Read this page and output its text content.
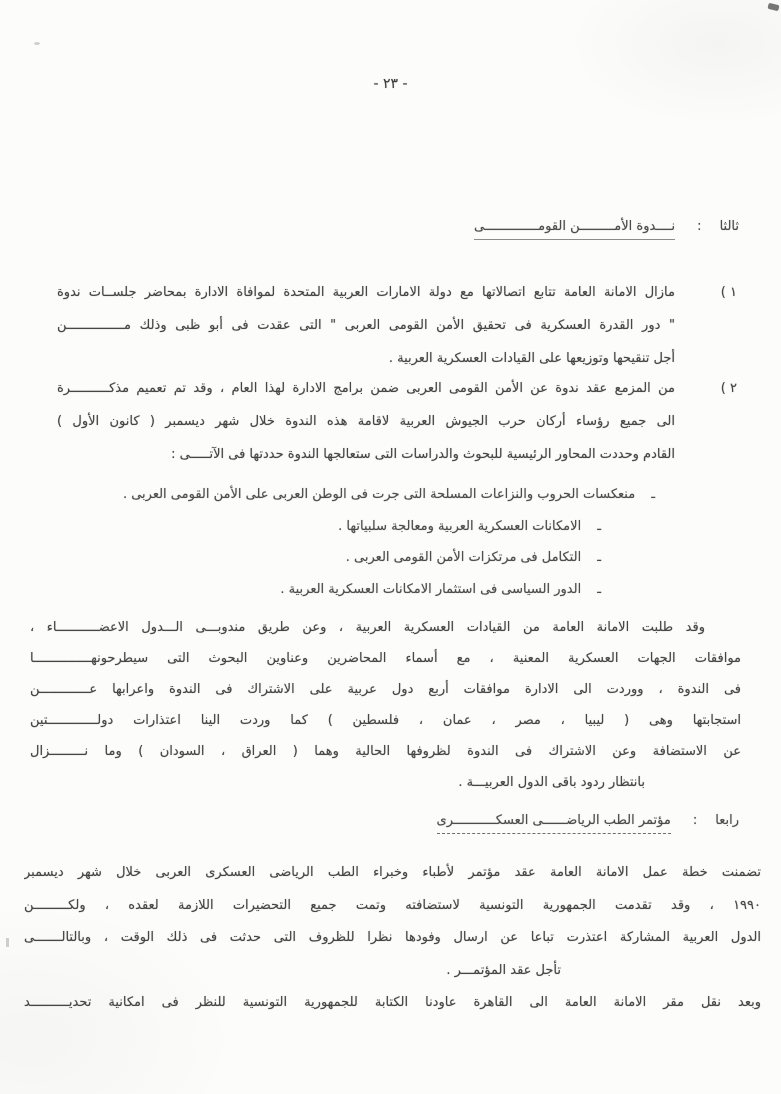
- ٢٣ -
ثالثا:نــــدوة الأمـــــــــن القومــــــــــــــى
١ )
مازال الامانة العامة تتابع اتصالاتها مع دولة الامارات العربية المتحدة لموافاة الادارة بمحاضر جلســات ندوة
" دور القدرة العسكرية فى تحقيق الأمن القومى العربى " التى عقدت فى أبو ظبى وذلك مـــــــــــــــن
أجل تنقيحها وتوزيعها على القيادات العسكرية العربية .
٢ )
من المزمع عقد ندوة عن الأمن القومى العربى ضمن برامج الادارة لهذا العام ، وقد تم تعميم مذكــــــــــرة
الى جميع رؤساء أركان حرب الجيوش العربية لاقامة هذه الندوة خلال شهر ديسمبر ( كانون الأول )
القادم وحددت المحاور الرئيسية للبحوث والدراسات التى ستعالجها الندوة حددتها فى الآتـــــى :
ـ
منعكسات الحروب والنزاعات المسلحة التى جرت فى الوطن العربى على الأمن القومى العربى .
ـ
الامكانات العسكرية العربية ومعالجة سلبياتها .
ـ
التكامل فى مرتكزات الأمن القومى العربى .
ـ
الدور السياسى فى استثمار الامكانات العسكرية العربية .
وقد طلبت الامانة العامة من القيادات العسكرية العربية ، وعن طريق مندوبـــى الـــدول الاعضـــــــــــاء ،
موافقات الجهات العسكرية المعنية ، مع أسماء المحاضرين وعناوين البحوث التى سيطرحونهـــــــــــــــا
فى الندوة ، ووردت الى الادارة موافقات أربع دول عربية على الاشتراك فى الندوة واعرابها عـــــــــــــن
استجابتها وهى ( ليبيا ، مصر ، عمان ، فلسطين ) كما وردت الينا اعتذارات دولـــــــــــــتين
عن الاستضافة وعن الاشتراك فى الندوة لظروفها الحالية وهما ( العراق ، السودان ) وما نـــــــــزال
بانتظار ردود باقى الدول العربيـــة .
رابعا:مؤتمر الطب الرياضــــــى العسكـــــــــــرى
تضمنت خطة عمل الامانة العامة عقد مؤتمر لأطباء وخبراء الطب الرياضى العسكرى العربى خلال شهر ديسمبر
١٩٩٠ ، وقد تقدمت الجمهورية التونسية لاستضافته وتمت جميع التحضيرات اللازمة لعقده ، ولكـــــــــن
الدول العربية المشاركة اعتذرت تباعا عن ارسال وفودها نظرا للظروف التى حدثت فى ذلك الوقت ، وبالتالـــــــى
تأجل عقد المؤتمـــر .
وبعد نقل مقر الامانة العامة الى القاهرة عاودنا الكتابة للجمهورية التونسية للنظر فى امكانية تحديــــــــــد
